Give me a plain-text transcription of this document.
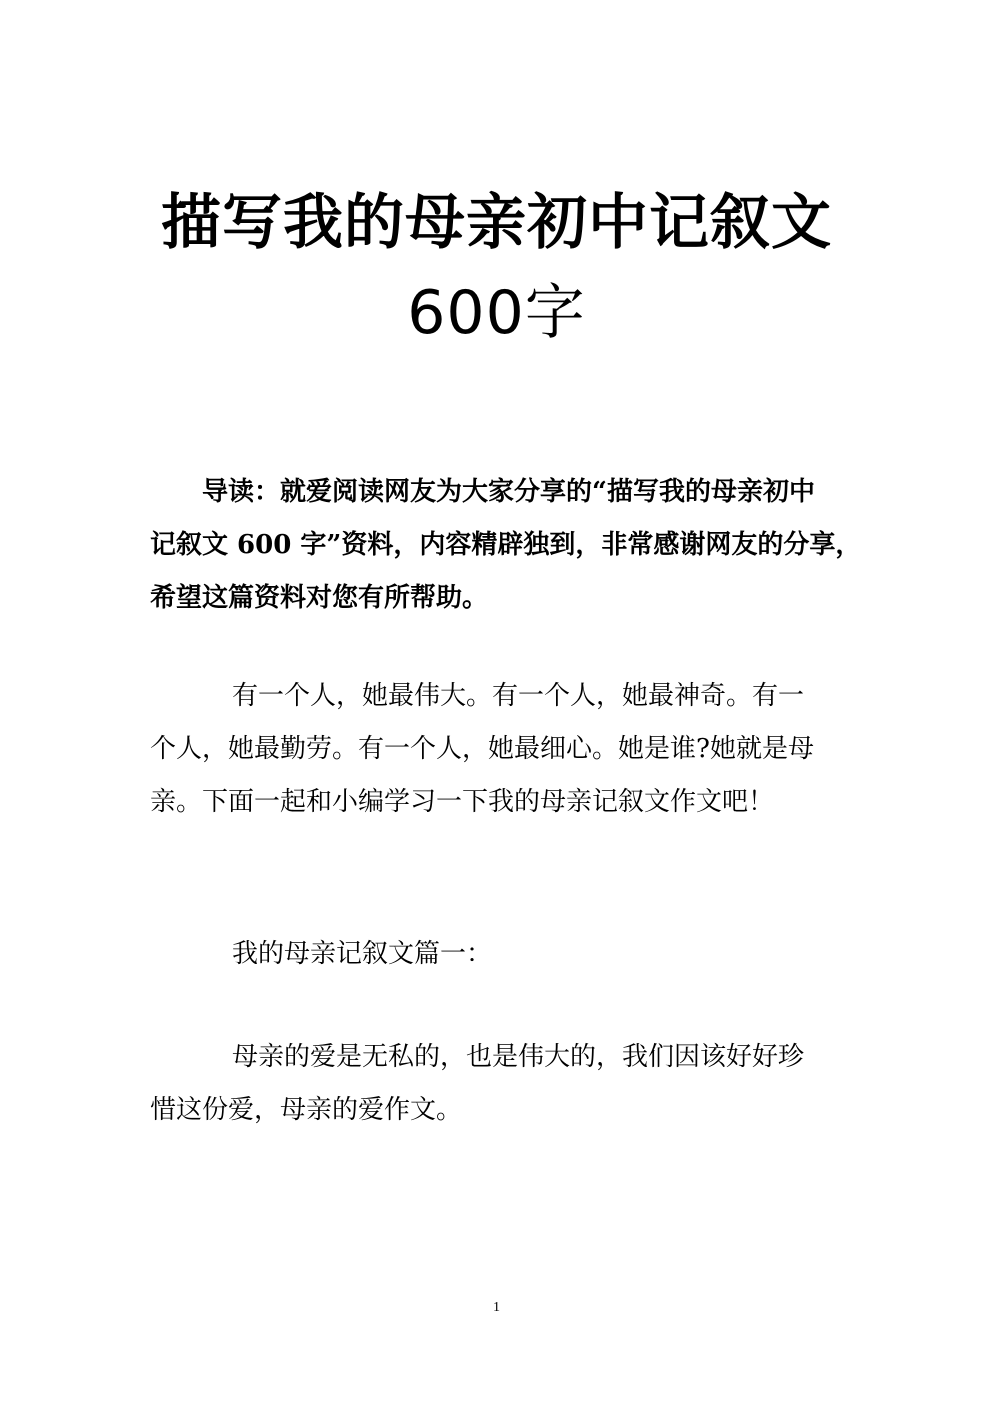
描写我的母亲初中记叙文
600字

导读：就爱阅读网友为大家分享的“描写我的母亲初中
记叙文 600 字”资料，内容精辟独到，非常感谢网友的分享，
希望这篇资料对您有所帮助。

有一个人，她最伟大。有一个人，她最神奇。有一
个人，她最勤劳。有一个人，她最细心。她是谁?她就是母
亲。下面一起和小编学习一下我的母亲记叙文作文吧！

我的母亲记叙文篇一：

母亲的爱是无私的，也是伟大的，我们因该好好珍
惜这份爱，母亲的爱作文。

1
